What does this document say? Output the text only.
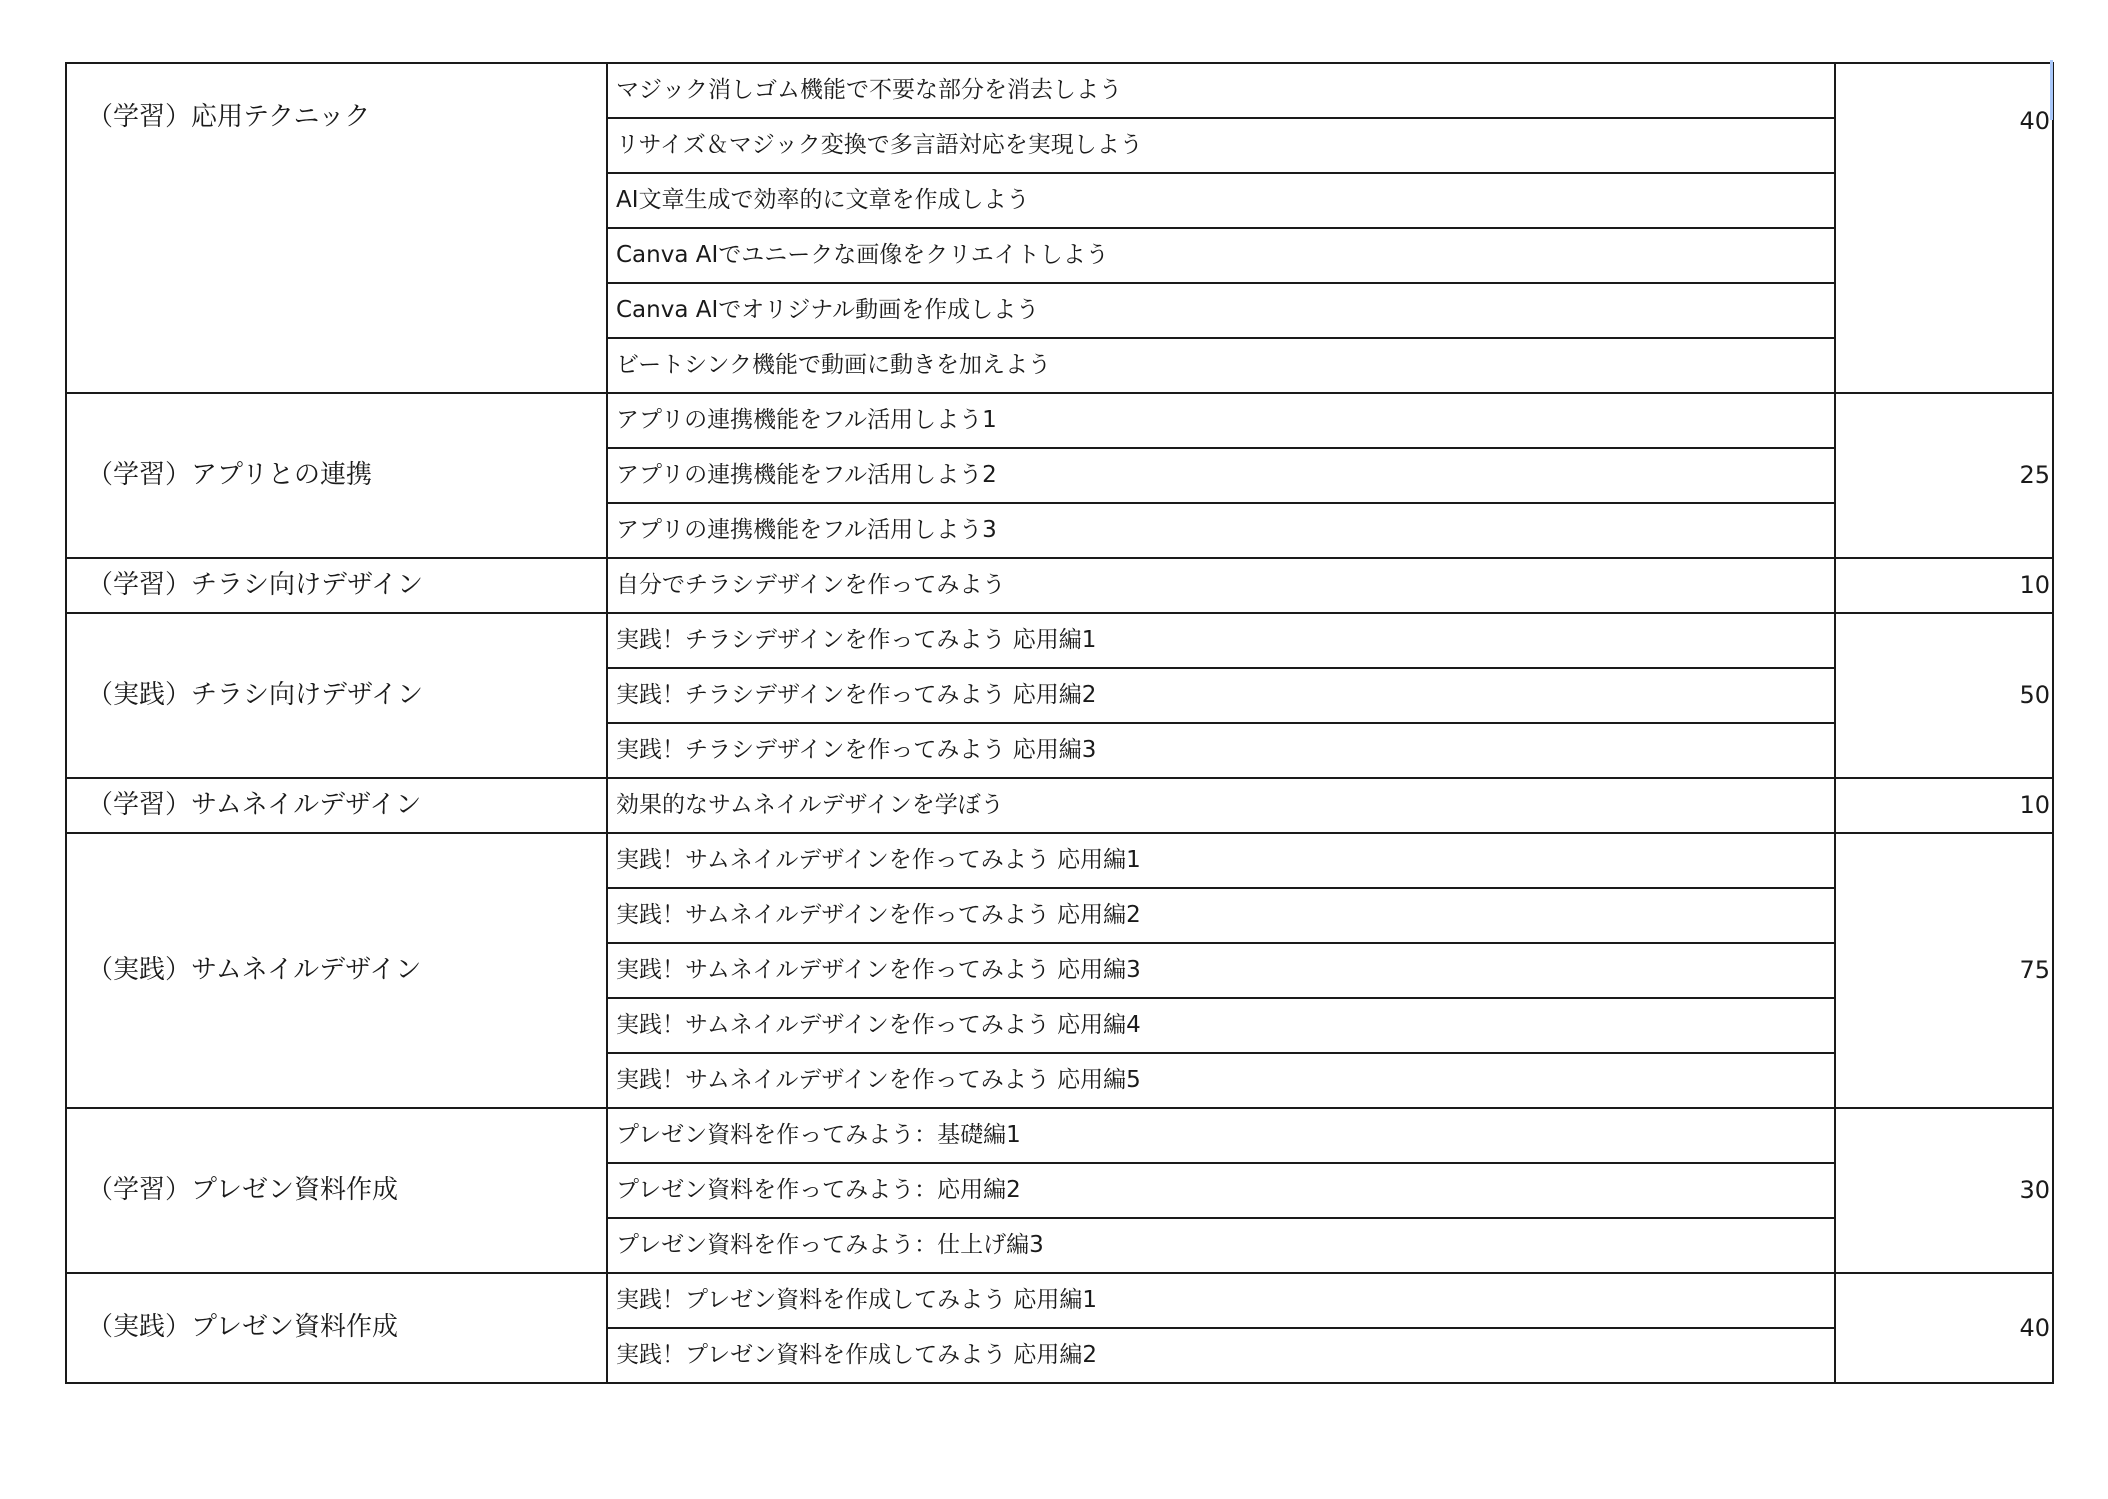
（学習）応用テクニック	マジック消しゴム機能で不要な部分を消去しよう	40
	リサイズ＆マジック変換で多言語対応を実現しよう	
	AI文章生成で効率的に文章を作成しよう	
	Canva AIでユニークな画像をクリエイトしよう	
	Canva AIでオリジナル動画を作成しよう	
	ビートシンク機能で動画に動きを加えよう	
（学習）アプリとの連携	アプリの連携機能をフル活用しよう1	25
	アプリの連携機能をフル活用しよう2	
	アプリの連携機能をフル活用しよう3	
（学習）チラシ向けデザイン	自分でチラシデザインを作ってみよう	10
（実践）チラシ向けデザイン	実践！チラシデザインを作ってみよう 応用編1	50
	実践！チラシデザインを作ってみよう 応用編2	
	実践！チラシデザインを作ってみよう 応用編3	
（学習）サムネイルデザイン	効果的なサムネイルデザインを学ぼう	10
（実践）サムネイルデザイン	実践！サムネイルデザインを作ってみよう 応用編1	75
	実践！サムネイルデザインを作ってみよう 応用編2	
	実践！サムネイルデザインを作ってみよう 応用編3	
	実践！サムネイルデザインを作ってみよう 応用編4	
	実践！サムネイルデザインを作ってみよう 応用編5	
（学習）プレゼン資料作成	プレゼン資料を作ってみよう：基礎編1	30
	プレゼン資料を作ってみよう：応用編2	
	プレゼン資料を作ってみよう：仕上げ編3	
（実践）プレゼン資料作成	実践！プレゼン資料を作成してみよう 応用編1	40
	実践！プレゼン資料を作成してみよう 応用編2	
